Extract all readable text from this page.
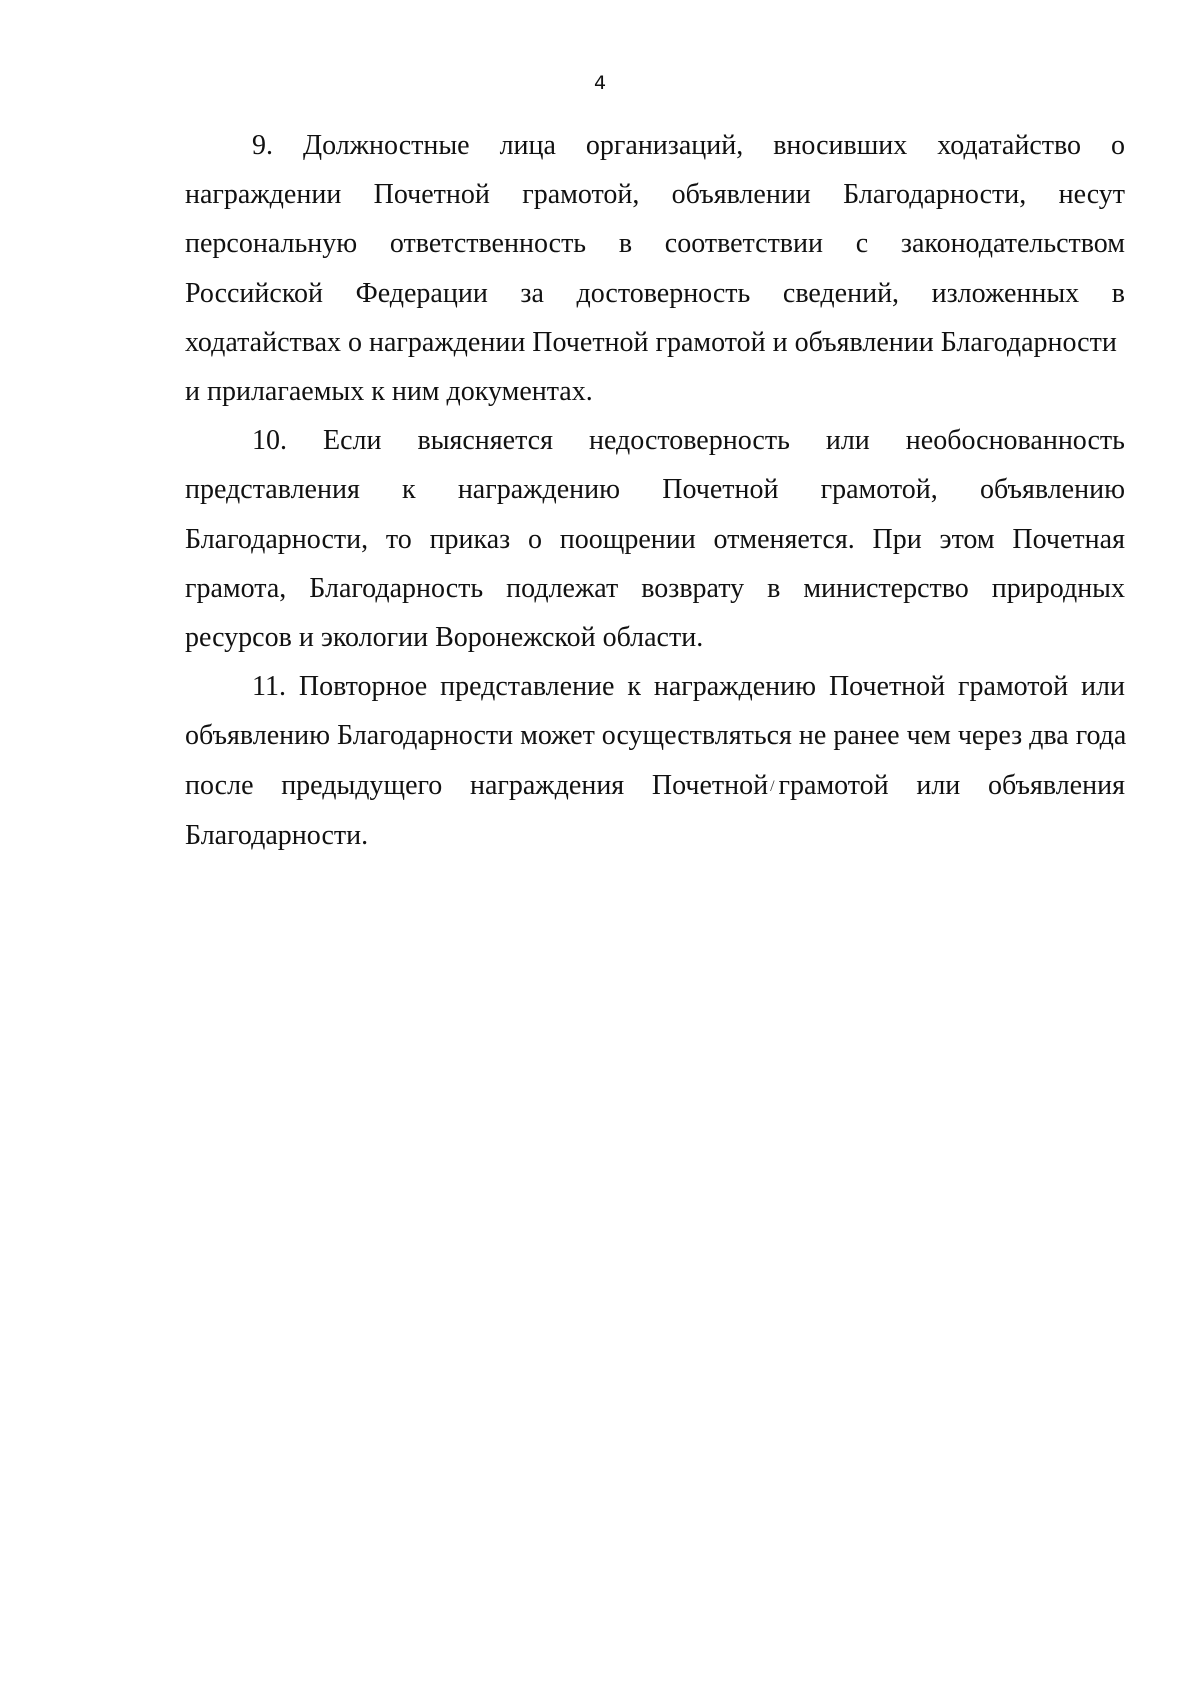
4

9. Должностные лица организаций, вносивших ходатайство о
награждении Почетной грамотой, объявлении Благодарности, несут
персональную ответственность в соответствии с законодательством
Российской Федерации за достоверность сведений, изложенных в
ходатайствах о награждении Почетной грамотой и объявлении Благодарности
и прилагаемых к ним документах.

10. Если выясняется недостоверность или необоснованность
представления к награждению Почетной грамотой, объявлению
Благодарности, то приказ о поощрении отменяется. При этом Почетная
грамота, Благодарность подлежат возврату в министерство природных
ресурсов и экологии Воронежской области.

11. Повторное представление к награждению Почетной грамотой или
объявлению Благодарности может осуществляться не ранее чем через два года
после предыдущего награждения Почетной / грамотой или объявления
Благодарности.
